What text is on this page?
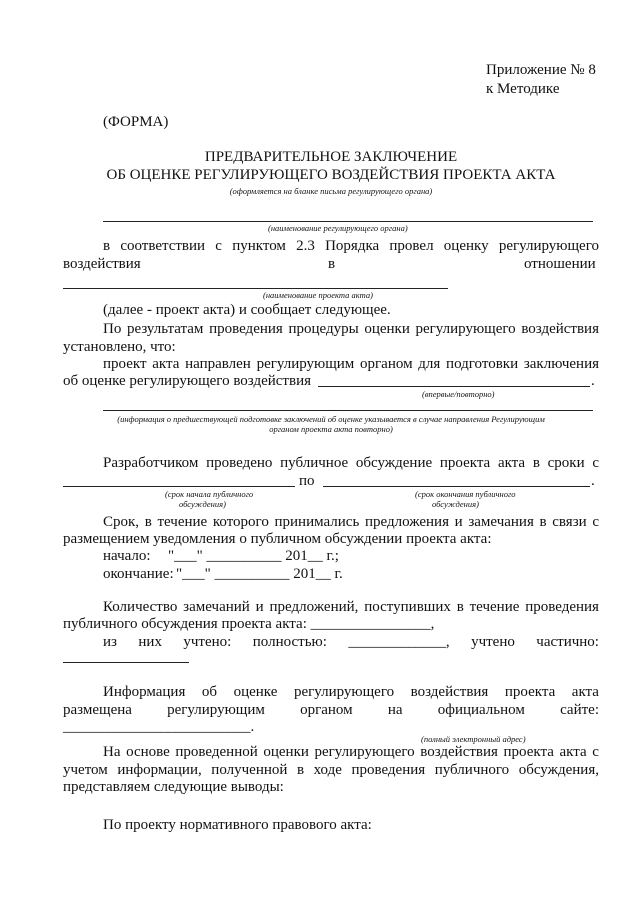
Приложение № 8
к Методике
(ФОРМА)
ПРЕДВАРИТЕЛЬНОЕ ЗАКЛЮЧЕНИЕ
ОБ ОЦЕНКЕ РЕГУЛИРУЮЩЕГО ВОЗДЕЙСТВИЯ ПРОЕКТА АКТА
(оформляется на бланке письма регулирующего органа)
(наименование регулирующего органа)
в соответствии с пунктом 2.3 Порядка провел оценку регулирующего
воздействия	в	отношении
(наименование проекта акта)
(далее - проект акта) и сообщает следующее.
По результатам проведения процедуры оценки регулирующего воздействия
установлено, что:
проект акта направлен регулирующим органом для подготовки заключения
об оценке регулирующего воздействия	.
(впервые/повторно)
(информация о предшествующей подготовке заключений об оценке указывается в случае направления Регулирующим
органом проекта акта повторно)
Разработчиком проведено публичное обсуждение проекта акта в сроки с
по	.
(срок начала публичного
обсуждения)
(срок окончания публичного
обсуждения)
Срок, в течение которого принимались предложения и замечания в связи с
размещением уведомления о публичном обсуждении проекта акта:
начало: "___" __________ 201__ г.;
окончание: "___" __________ 201__ г.
Количество замечаний и предложений, поступивших в течение проведения
публичного обсуждения проекта акта: ________________,
из них учтено: полностью: _____________, учтено частично:
Информация об оценке регулирующего воздействия проекта акта
размещена регулирующим органом на официальном сайте:
_________________________.
(полный электронный адрес)
На основе проведенной оценки регулирующего воздействия проекта акта с
учетом информации, полученной в ходе проведения публичного обсуждения,
представляем следующие выводы:
По проекту нормативного правового акта:
